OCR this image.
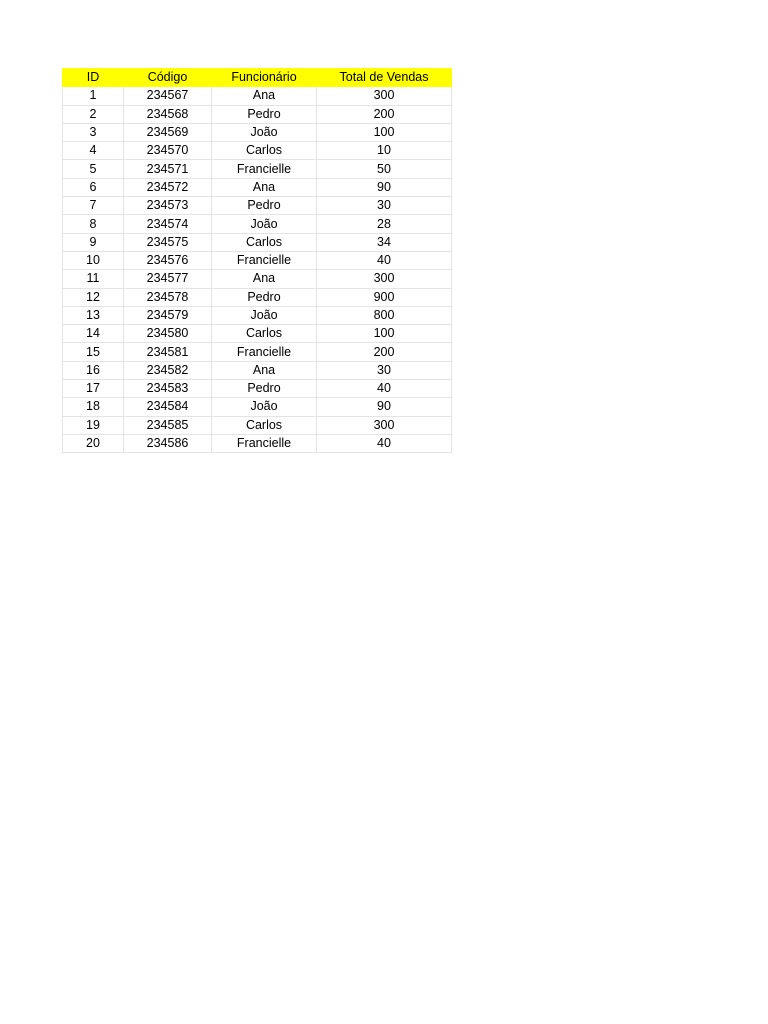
ID	Código	Funcionário	Total de Vendas
1	234567	Ana	300
2	234568	Pedro	200
3	234569	João	100
4	234570	Carlos	10
5	234571	Francielle	50
6	234572	Ana	90
7	234573	Pedro	30
8	234574	João	28
9	234575	Carlos	34
10	234576	Francielle	40
11	234577	Ana	300
12	234578	Pedro	900
13	234579	João	800
14	234580	Carlos	100
15	234581	Francielle	200
16	234582	Ana	30
17	234583	Pedro	40
18	234584	João	90
19	234585	Carlos	300
20	234586	Francielle	40
